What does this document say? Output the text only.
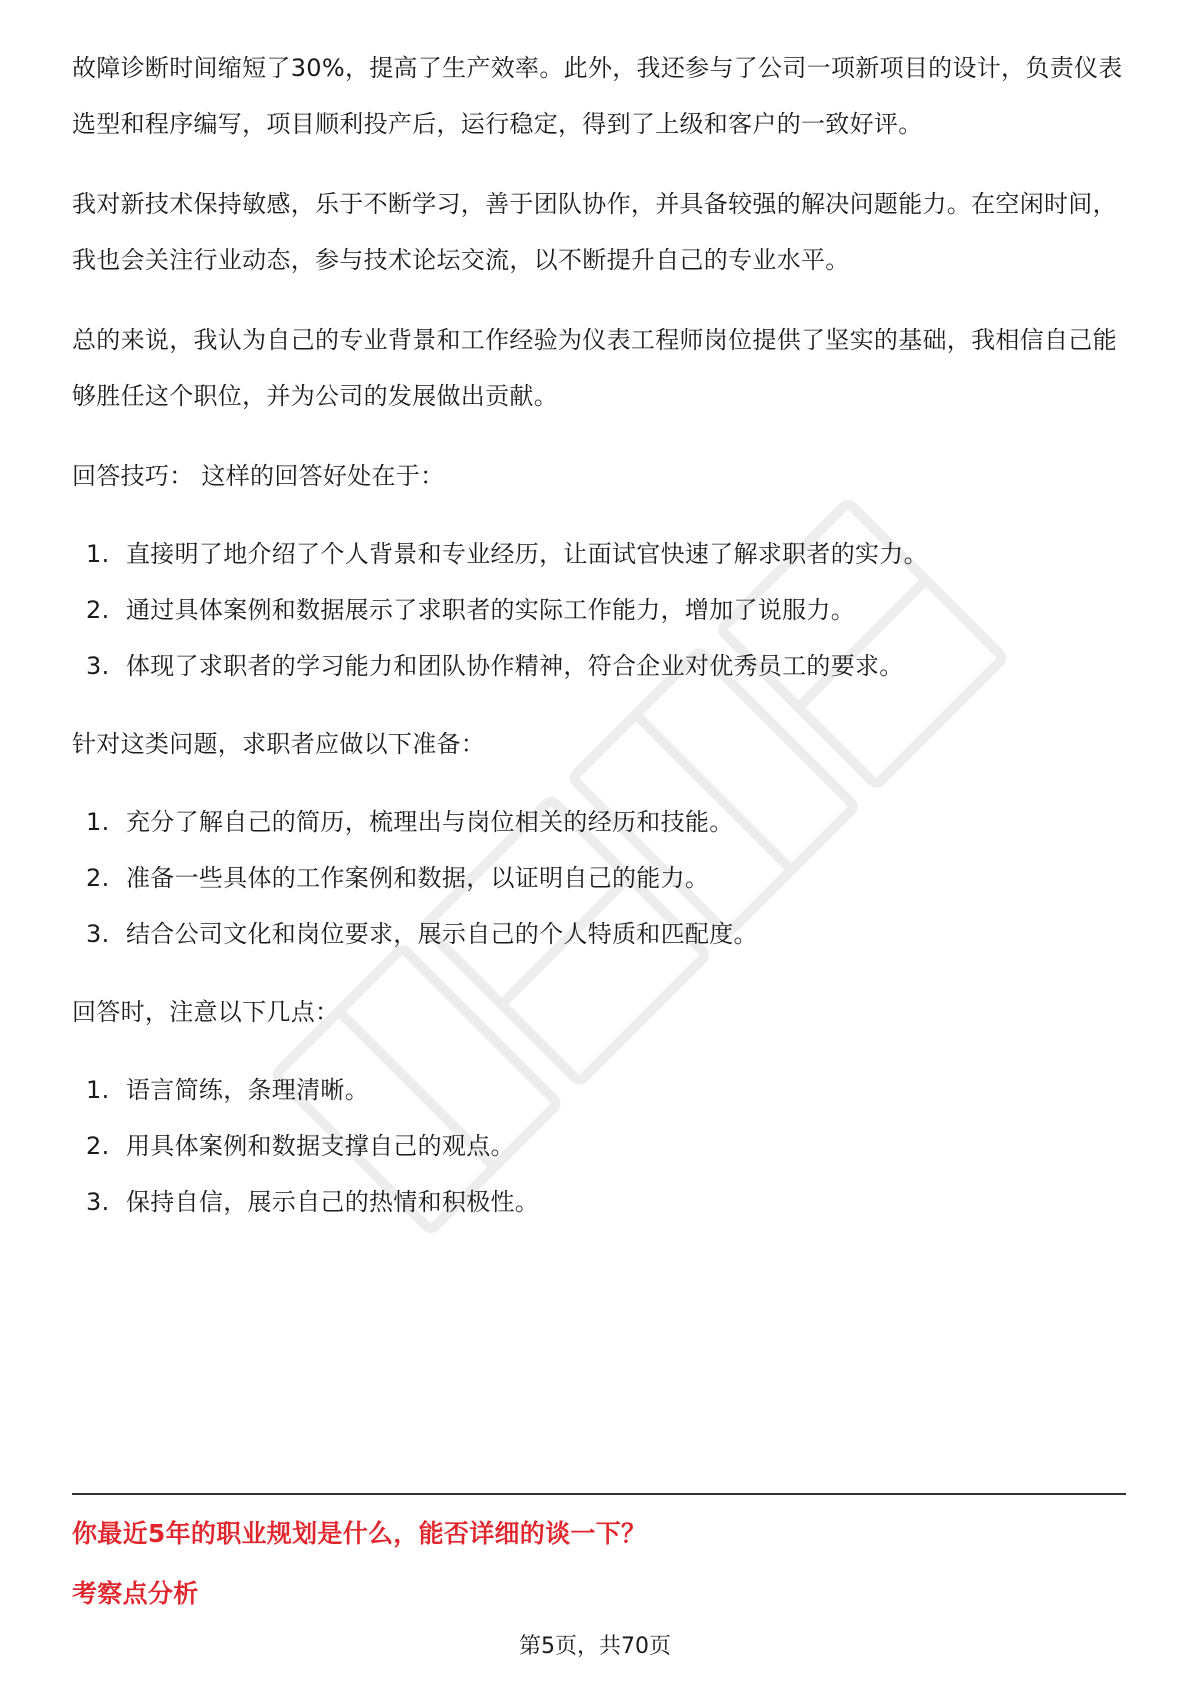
故障诊断时间缩短了30%，提高了生产效率。此外，我还参与了公司一项新项目的设计，负责仪表选型和程序编写，项目顺利投产后，运行稳定，得到了上级和客户的一致好评。

我对新技术保持敏感，乐于不断学习，善于团队协作，并具备较强的解决问题能力。在空闲时间，我也会关注行业动态，参与技术论坛交流，以不断提升自己的专业水平。

总的来说，我认为自己的专业背景和工作经验为仪表工程师岗位提供了坚实的基础，我相信自己能够胜任这个职位，并为公司的发展做出贡献。

回答技巧： 这样的回答好处在于：

1. 直接明了地介绍了个人背景和专业经历，让面试官快速了解求职者的实力。
2. 通过具体案例和数据展示了求职者的实际工作能力，增加了说服力。
3. 体现了求职者的学习能力和团队协作精神，符合企业对优秀员工的要求。

针对这类问题，求职者应做以下准备：

1. 充分了解自己的简历，梳理出与岗位相关的经历和技能。
2. 准备一些具体的工作案例和数据，以证明自己的能力。
3. 结合公司文化和岗位要求，展示自己的个人特质和匹配度。

回答时，注意以下几点：

1. 语言简练，条理清晰。
2. 用具体案例和数据支撑自己的观点。
3. 保持自信，展示自己的热情和积极性。
你最近5年的职业规划是什么，能否详细的谈一下？
考察点分析
第5页，共70页
